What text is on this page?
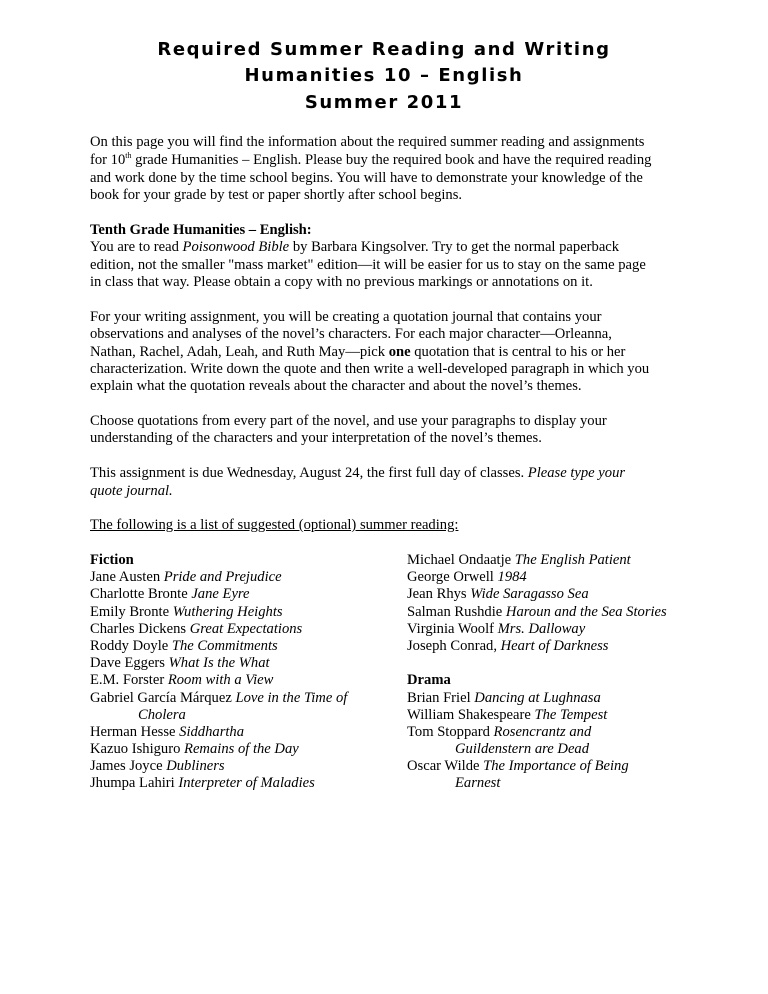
Required Summer Reading and Writing
Humanities 10 – English
Summer 2011
On this page you will find the information about the required summer reading and assignments
for 10th grade Humanities – English. Please buy the required book and have the required reading
and work done by the time school begins. You will have to demonstrate your knowledge of the
book for your grade by test or paper shortly after school begins.
Tenth Grade Humanities – English:
You are to read Poisonwood Bible by Barbara Kingsolver. Try to get the normal paperback
edition, not the smaller "mass market" edition—it will be easier for us to stay on the same page
in class that way. Please obtain a copy with no previous markings or annotations on it.
For your writing assignment, you will be creating a quotation journal that contains your
observations and analyses of the novel’s characters. For each major character—Orleanna,
Nathan, Rachel, Adah, Leah, and Ruth May—pick one quotation that is central to his or her
characterization. Write down the quote and then write a well-developed paragraph in which you
explain what the quotation reveals about the character and about the novel’s themes.
Choose quotations from every part of the novel, and use your paragraphs to display your
understanding of the characters and your interpretation of the novel’s themes.
This assignment is due Wednesday, August 24, the first full day of classes. Please type your
quote journal.
The following is a list of suggested (optional) summer reading:
Fiction
Jane Austen Pride and Prejudice
Charlotte Bronte Jane Eyre
Emily Bronte Wuthering Heights
Charles Dickens Great Expectations
Roddy Doyle The Commitments
Dave Eggers What Is the What
E.M. Forster Room with a View
Gabriel García Márquez Love in the Time of
Cholera
Herman Hesse Siddhartha
Kazuo Ishiguro Remains of the Day
James Joyce Dubliners
Jhumpa Lahiri Interpreter of Maladies
Michael Ondaatje The English Patient
George Orwell 1984
Jean Rhys Wide Saragasso Sea
Salman Rushdie Haroun and the Sea Stories
Virginia Woolf Mrs. Dalloway
Joseph Conrad, Heart of Darkness
Drama
Brian Friel Dancing at Lughnasa
William Shakespeare The Tempest
Tom Stoppard Rosencrantz and
Guildenstern are Dead
Oscar Wilde The Importance of Being
Earnest
